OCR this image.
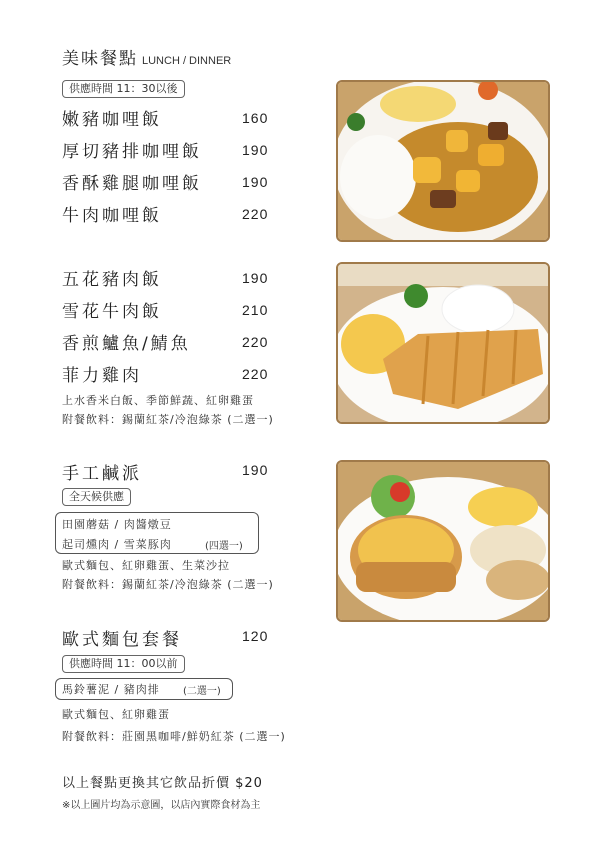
美味餐點 LUNCH / DINNER
供應時間 11：30以後
嫩豬咖哩飯	160
厚切豬排咖哩飯	190
香酥雞腿咖哩飯	190
牛肉咖哩飯	220
五花豬肉飯	190
雪花牛肉飯	210
香煎鱸魚/鯖魚	220
菲力雞肉	220
上水香米白飯、季節鮮蔬、紅卵雞蛋
附餐飲料：錫蘭紅茶/冷泡綠茶 (二選一)
手工鹹派	190
全天候供應
田園蘑菇 / 肉醬燉豆
起司燻肉 / 雪菜豚肉	(四選一)
歐式麵包、紅卵雞蛋、生菜沙拉
附餐飲料：錫蘭紅茶/冷泡綠茶 (二選一)
歐式麵包套餐	120
供應時間 11：00以前
馬鈴薯泥 / 豬肉排 (二選一)
歐式麵包、紅卵雞蛋
附餐飲料：莊園黑咖啡/鮮奶紅茶 (二選一)
以上餐點更換其它飲品折價 $20
※以上圖片均為示意圖，以店內實際食材為主
